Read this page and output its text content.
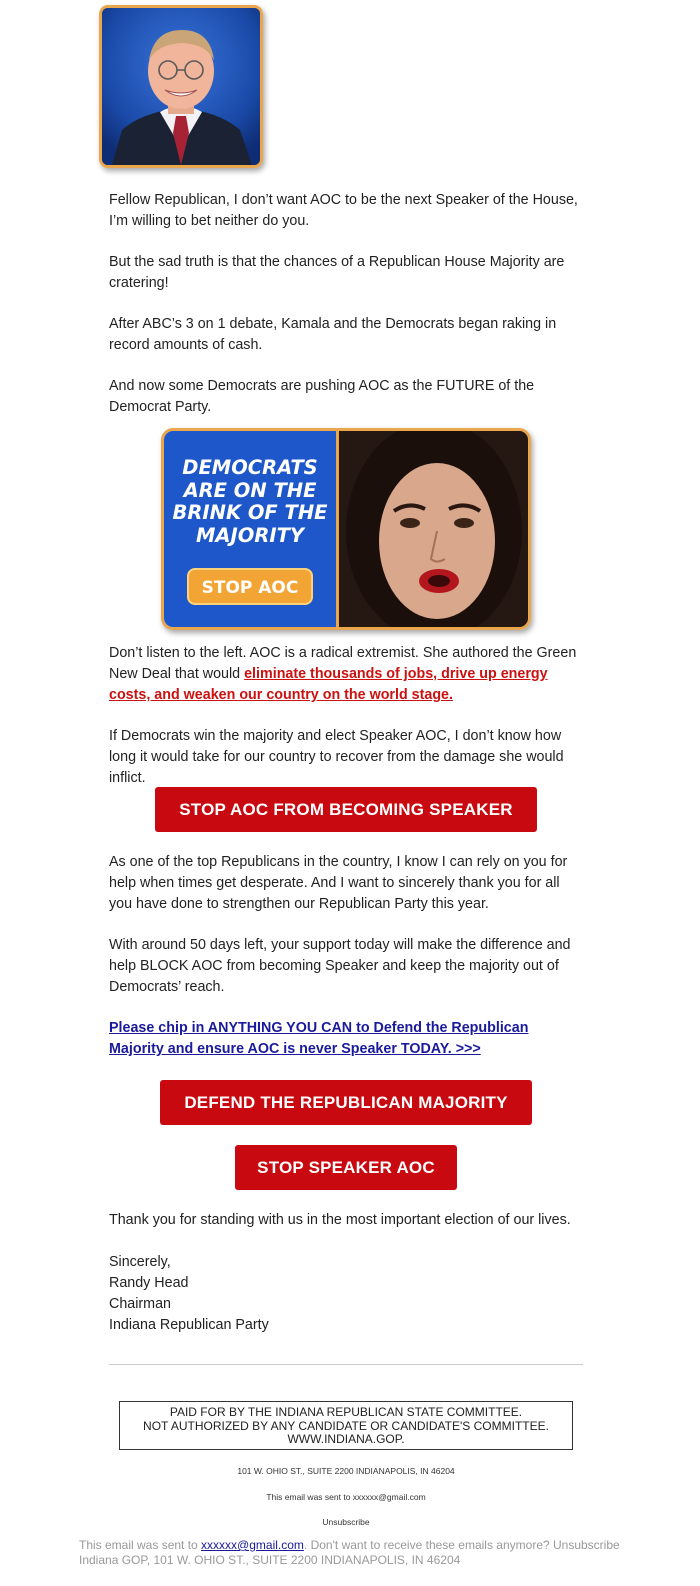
Fellow Republican, I don’t want AOC to be the next Speaker of the House, I’m willing to bet neither do you.

But the sad truth is that the chances of a Republican House Majority are cratering!

After ABC’s 3 on 1 debate, Kamala and the Democrats began raking in record amounts of cash.

And now some Democrats are pushing AOC as the FUTURE of the Democrat Party.

DEMOCRATS
ARE ON THE
BRINK OF THE
MAJORITY

STOP AOC

Don’t listen to the left. AOC is a radical extremist. She authored the Green New Deal that would eliminate thousands of jobs, drive up energy costs, and weaken our country on the world stage.

If Democrats win the majority and elect Speaker AOC, I don’t know how long it would take for our country to recover from the damage she would inflict.

STOP AOC FROM BECOMING SPEAKER

As one of the top Republicans in the country, I know I can rely on you for help when times get desperate. And I want to sincerely thank you for all you have done to strengthen our Republican Party this year.

With around 50 days left, your support today will make the difference and help BLOCK AOC from becoming Speaker and keep the majority out of Democrats’ reach.

Please chip in ANYTHING YOU CAN to Defend the Republican Majority and ensure AOC is never Speaker TODAY. >>>

DEFEND THE REPUBLICAN MAJORITY
STOP SPEAKER AOC

Thank you for standing with us in the most important election of our lives.

Sincerely,
Randy Head
Chairman
Indiana Republican Party

PAID FOR BY THE INDIANA REPUBLICAN STATE COMMITTEE.
NOT AUTHORIZED BY ANY CANDIDATE OR CANDIDATE'S COMMITTEE.
WWW.INDIANA.GOP.
101 W. OHIO ST., SUITE 2200 INDIANAPOLIS, IN 46204
This email was sent to xxxxxx@gmail.com
Unsubscribe
This email was sent to xxxxxx@gmail.com. Don't want to receive these emails anymore? Unsubscribe
Indiana GOP, 101 W. OHIO ST., SUITE 2200 INDIANAPOLIS, IN 46204
